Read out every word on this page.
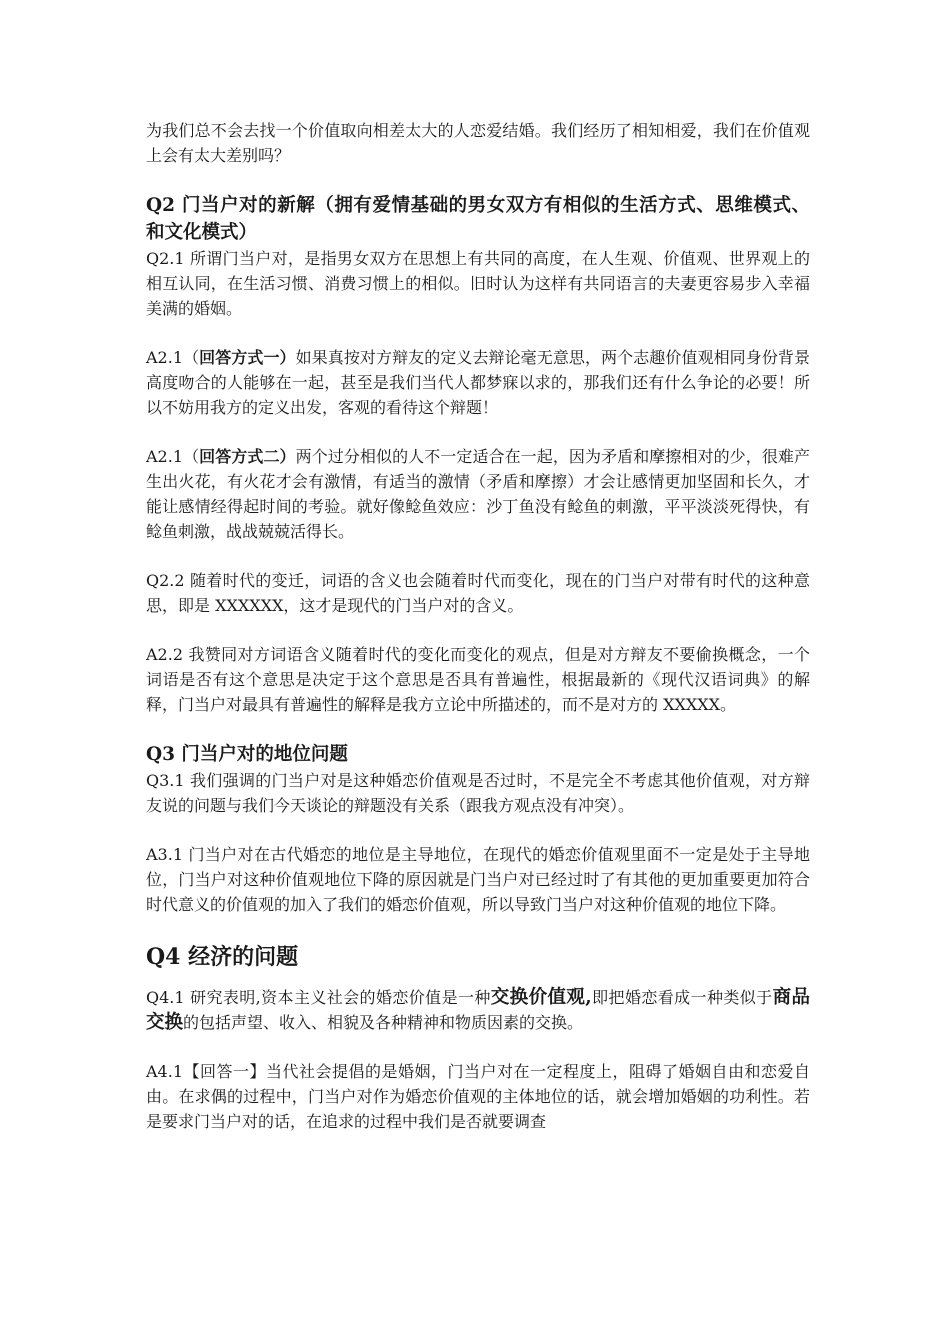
为我们总不会去找一个价值取向相差太大的人恋爱结婚。我们经历了相知相爱，我们在价值观上会有太大差别吗？

Q2 门当户对的新解（拥有爱情基础的男女双方有相似的生活方式、思维模式、和文化模式）

Q2.1 所谓门当户对，是指男女双方在思想上有共同的高度，在人生观、价值观、世界观上的相互认同，在生活习惯、消费习惯上的相似。旧时认为这样有共同语言的夫妻更容易步入幸福美满的婚姻。

A2.1（回答方式一）如果真按对方辩友的定义去辩论毫无意思，两个志趣价值观相同身份背景高度吻合的人能够在一起，甚至是我们当代人都梦寐以求的，那我们还有什么争论的必要！所以不妨用我方的定义出发，客观的看待这个辩题！

A2.1（回答方式二）两个过分相似的人不一定适合在一起，因为矛盾和摩擦相对的少，很难产生出火花，有火花才会有激情，有适当的激情（矛盾和摩擦）才会让感情更加坚固和长久，才能让感情经得起时间的考验。就好像鲶鱼效应：沙丁鱼没有鲶鱼的刺激，平平淡淡死得快，有鲶鱼刺激，战战兢兢活得长。

Q2.2 随着时代的变迁，词语的含义也会随着时代而变化，现在的门当户对带有时代的这种意思，即是 XXXXXX，这才是现代的门当户对的含义。

A2.2 我赞同对方词语含义随着时代的变化而变化的观点，但是对方辩友不要偷换概念，一个词语是否有这个意思是决定于这个意思是否具有普遍性，根据最新的《现代汉语词典》的解释，门当户对最具有普遍性的解释是我方立论中所描述的，而不是对方的 XXXXX。

Q3 门当户对的地位问题

Q3.1 我们强调的门当户对是这种婚恋价值观是否过时，不是完全不考虑其他价值观，对方辩友说的问题与我们今天谈论的辩题没有关系（跟我方观点没有冲突）。

A3.1 门当户对在古代婚恋的地位是主导地位，在现代的婚恋价值观里面不一定是处于主导地位，门当户对这种价值观地位下降的原因就是门当户对已经过时了有其他的更加重要更加符合时代意义的价值观的加入了我们的婚恋价值观，所以导致门当户对这种价值观的地位下降。

Q4 经济的问题

Q4.1 研究表明,资本主义社会的婚恋价值是一种交换价值观,即把婚恋看成一种类似于商品交换的包括声望、收入、相貌及各种精神和物质因素的交换。

A4.1【回答一】当代社会提倡的是婚姻，门当户对在一定程度上，阻碍了婚姻自由和恋爱自由。在求偶的过程中，门当户对作为婚恋价值观的主体地位的话，就会增加婚姻的功利性。若是要求门当户对的话，在追求的过程中我们是否就要调查
